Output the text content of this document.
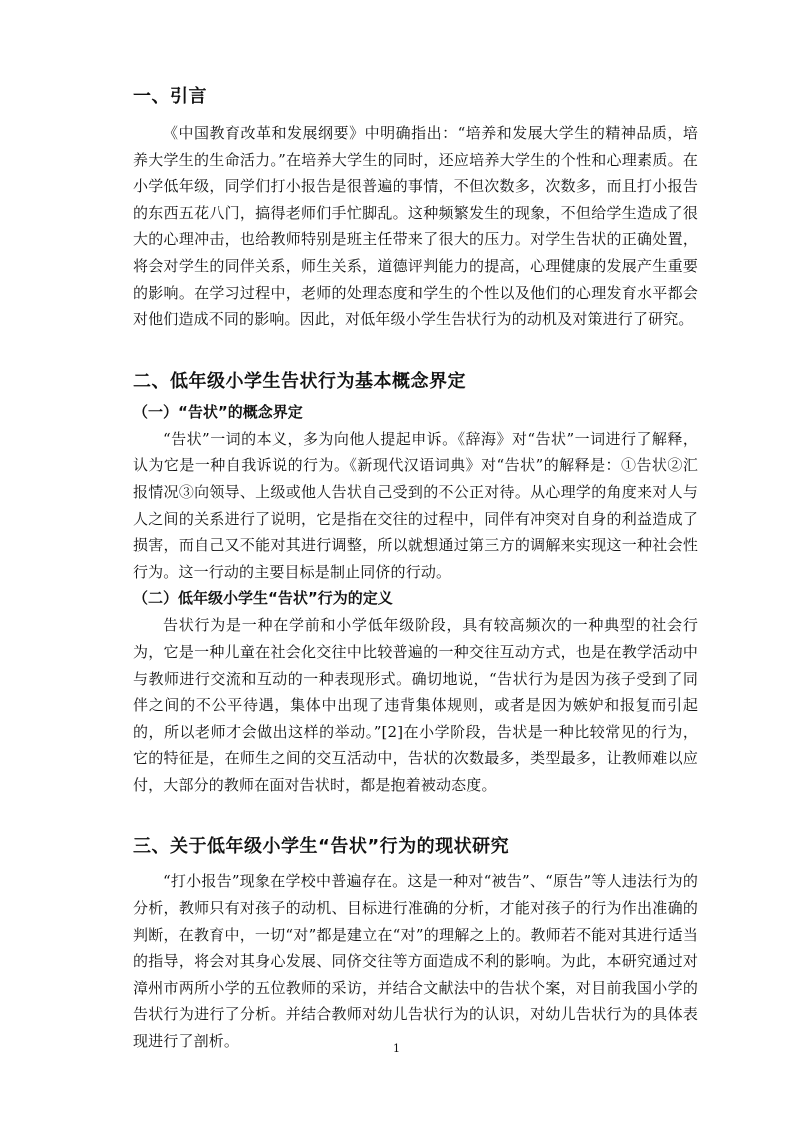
一、引言
《中国教育改革和发展纲要》中明确指出：“培养和发展大学生的精神品质，培养大学生的生命活力。”在培养大学生的同时，还应培养大学生的个性和心理素质。在小学低年级，同学们打小报告是很普遍的事情，不但次数多，次数多，而且打小报告的东西五花八门，搞得老师们手忙脚乱。这种频繁发生的现象，不但给学生造成了很大的心理冲击，也给教师特别是班主任带来了很大的压力。对学生告状的正确处置，将会对学生的同伴关系，师生关系，道德评判能力的提高，心理健康的发展产生重要的影响。在学习过程中，老师的处理态度和学生的个性以及他们的心理发育水平都会对他们造成不同的影响。因此，对低年级小学生告状行为的动机及对策进行了研究。
二、低年级小学生告状行为基本概念界定
（一）“告状”的概念界定
“告状”一词的本义，多为向他人提起申诉。《辞海》对“告状”一词进行了解释，认为它是一种自我诉说的行为。《新现代汉语词典》对“告状”的解释是：①告状②汇报情况③向领导、上级或他人告状自己受到的不公正对待。从心理学的角度来对人与人之间的关系进行了说明，它是指在交往的过程中，同伴有冲突对自身的利益造成了损害，而自己又不能对其进行调整，所以就想通过第三方的调解来实现这一种社会性行为。这一行动的主要目标是制止同侪的行动。
（二）低年级小学生“告状”行为的定义
告状行为是一种在学前和小学低年级阶段，具有较高频次的一种典型的社会行为，它是一种儿童在社会化交往中比较普遍的一种交往互动方式，也是在教学活动中与教师进行交流和互动的一种表现形式。确切地说，“告状行为是因为孩子受到了同伴之间的不公平待遇，集体中出现了违背集体规则，或者是因为嫉妒和报复而引起的，所以老师才会做出这样的举动。”[2]在小学阶段，告状是一种比较常见的行为，它的特征是，在师生之间的交互活动中，告状的次数最多，类型最多，让教师难以应付，大部分的教师在面对告状时，都是抱着被动态度。
三、关于低年级小学生“告状”行为的现状研究
“打小报告”现象在学校中普遍存在。这是一种对“被告”、“原告”等人违法行为的分析，教师只有对孩子的动机、目标进行准确的分析，才能对孩子的行为作出准确的判断，在教育中，一切“对”都是建立在“对”的理解之上的。教师若不能对其进行适当的指导，将会对其身心发展、同侪交往等方面造成不利的影响。为此，本研究通过对漳州市两所小学的五位教师的采访，并结合文献法中的告状个案，对目前我国小学的告状行为进行了分析。并结合教师对幼儿告状行为的认识，对幼儿告状行为的具体表现进行了剖析。	1
